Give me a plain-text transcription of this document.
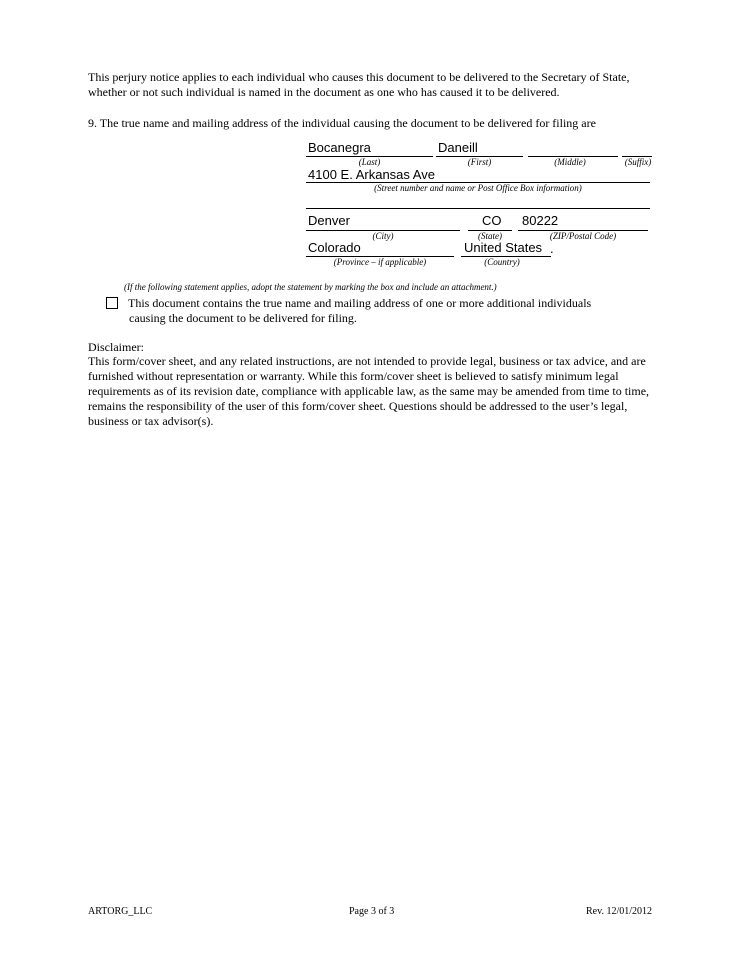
This perjury notice applies to each individual who causes this document to be delivered to the Secretary of State, whether or not such individual is named in the document as one who has caused it to be delivered.
9. The true name and mailing address of the individual causing the document to be delivered for filing are
Bocanegra	Daneill
(Last)	(First)	(Middle)	(Suffix)
4100 E. Arkansas Ave
(Street number and name or Post Office Box information)
Denver	CO	80222
(City)	(State)	(ZIP/Postal Code)
Colorado	United States .
(Province – if applicable)	(Country)
(If the following statement applies, adopt the statement by marking the box and include an attachment.)
This document contains the true name and mailing address of one or more additional individuals
causing the document to be delivered for filing.
Disclaimer:
This form/cover sheet, and any related instructions, are not intended to provide legal, business or tax advice, and are furnished without representation or warranty. While this form/cover sheet is believed to satisfy minimum legal requirements as of its revision date, compliance with applicable law, as the same may be amended from time to time, remains the responsibility of the user of this form/cover sheet. Questions should be addressed to the user’s legal, business or tax advisor(s).
ARTORG_LLC	Page 3 of 3	Rev. 12/01/2012
